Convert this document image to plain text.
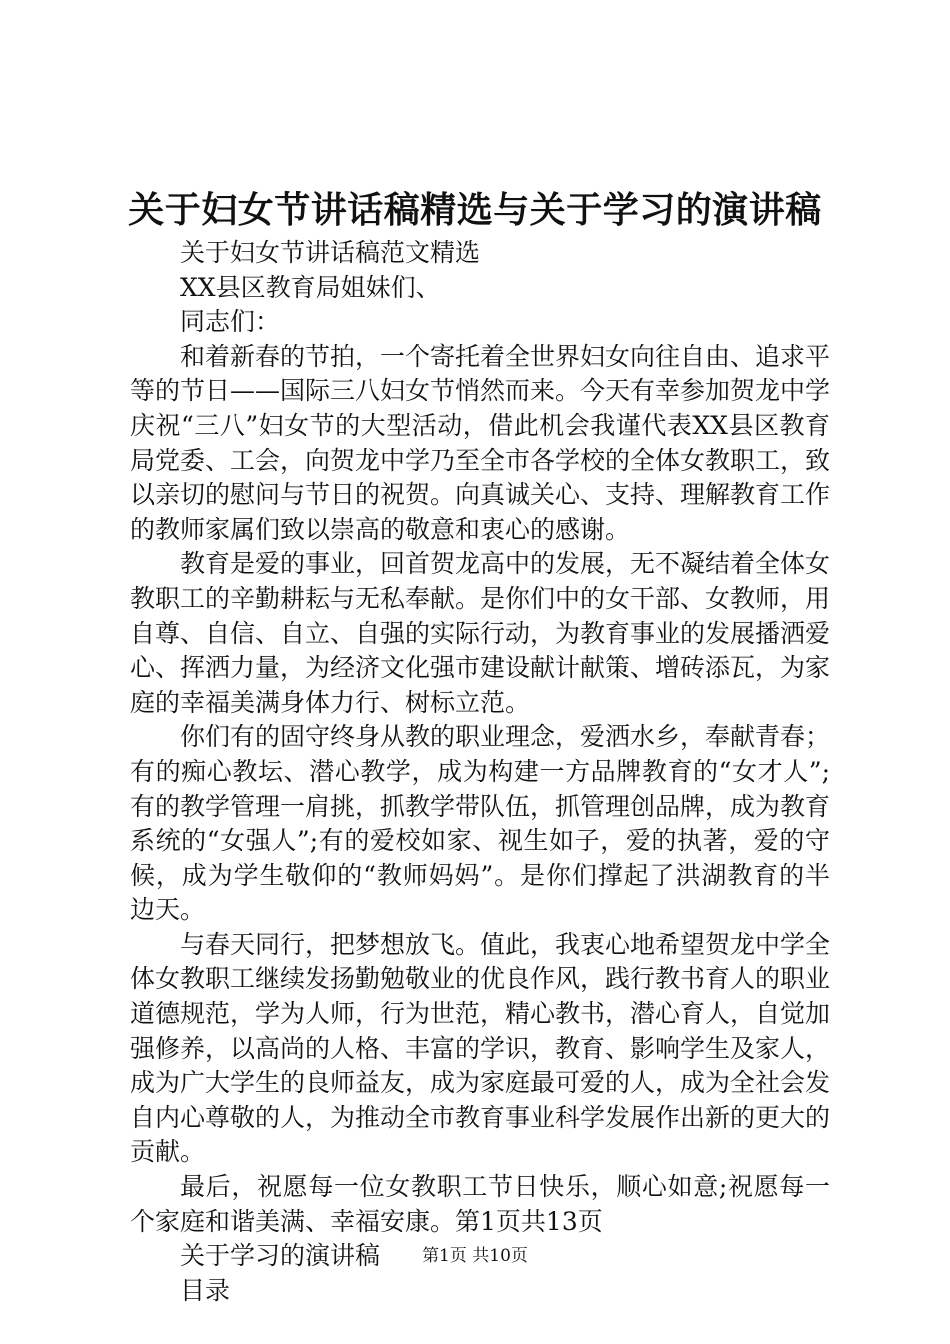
关于妇女节讲话稿精选与关于学习的演讲稿

关于妇女节讲话稿范文精选

XX县区教育局姐妹们、

同志们：

和着新春的节拍，一个寄托着全世界妇女向往自由、追求平等的节日——国际三八妇女节悄然而来。今天有幸参加贺龙中学庆祝“三八”妇女节的大型活动，借此机会我谨代表XX县区教育局党委、工会，向贺龙中学乃至全市各学校的全体女教职工，致以亲切的慰问与节日的祝贺。向真诚关心、支持、理解教育工作的教师家属们致以崇高的敬意和衷心的感谢。

教育是爱的事业，回首贺龙高中的发展，无不凝结着全体女教职工的辛勤耕耘与无私奉献。是你们中的女干部、女教师，用自尊、自信、自立、自强的实际行动，为教育事业的发展播洒爱心、挥洒力量，为经济文化强市建设献计献策、增砖添瓦，为家庭的幸福美满身体力行、树标立范。

你们有的固守终身从教的职业理念，爱洒水乡，奉献青春；有的痴心教坛、潜心教学，成为构建一方品牌教育的“女才人”;有的教学管理一肩挑，抓教学带队伍，抓管理创品牌，成为教育系统的“女强人”;有的爱校如家、视生如子，爱的执著，爱的守候，成为学生敬仰的“教师妈妈”。是你们撑起了洪湖教育的半边天。

与春天同行，把梦想放飞。值此，我衷心地希望贺龙中学全体女教职工继续发扬勤勉敬业的优良作风，践行教书育人的职业道德规范，学为人师，行为世范，精心教书，潜心育人，自觉加强修养，以高尚的人格、丰富的学识，教育、影响学生及家人，成为广大学生的良师益友，成为家庭最可爱的人，成为全社会发自内心尊敬的人，为推动全市教育事业科学发展作出新的更大的贡献。

最后，祝愿每一位女教职工节日快乐，顺心如意;祝愿每一个家庭和谐美满、幸福安康。第1页共13页

关于学习的演讲稿

目录

第1页 共10页
